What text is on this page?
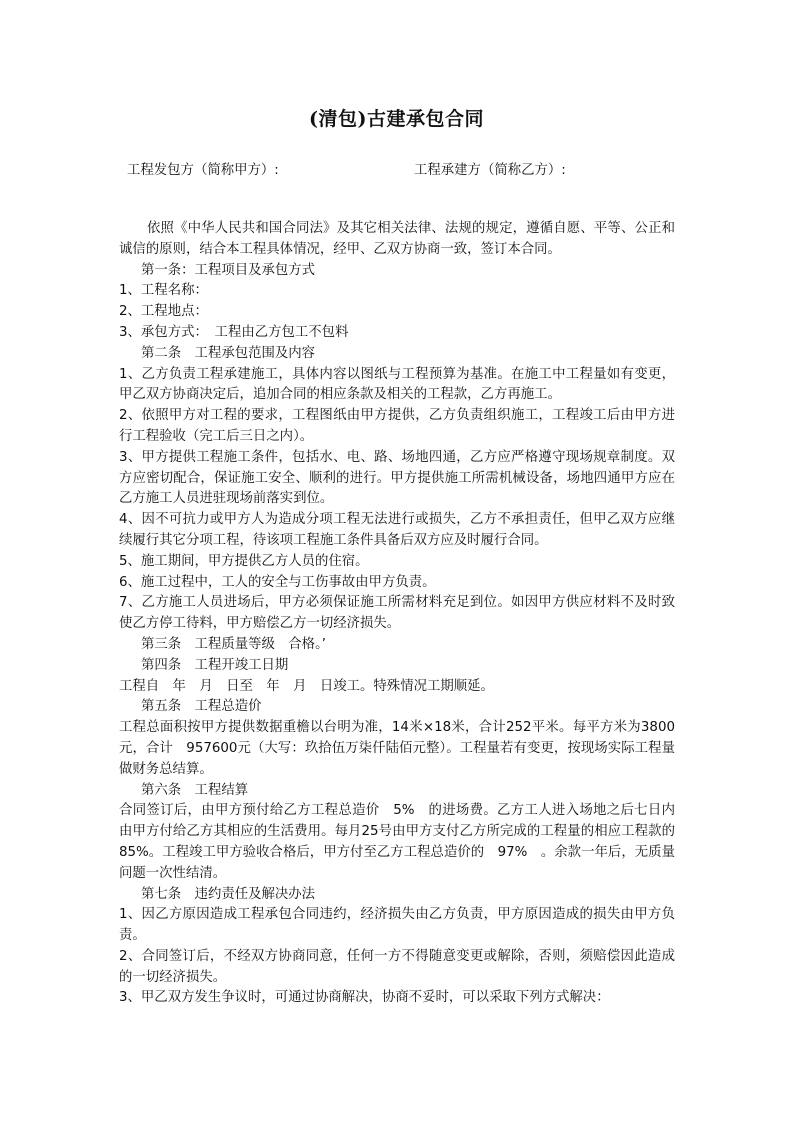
(清包)古建承包合同
工程发包方（简称甲方）:	工程承建方（简称乙方）:

依照《中华人民共和国合同法》及其它相关法律、法规的规定，遵循自愿、平等、公正和诚信的原则，结合本工程具体情况，经甲、乙双方协商一致，签订本合同。

第一条：工程项目及承包方式

1、工程名称：

2、工程地点：

3、承包方式：　工程由乙方包工不包料

第二条　工程承包范围及内容

1、乙方负责工程承建施工，具体内容以图纸与工程预算为基准。在施工中工程量如有变更，甲乙双方协商决定后，追加合同的相应条款及相关的工程款，乙方再施工。

2、依照甲方对工程的要求，工程图纸由甲方提供，乙方负责组织施工，工程竣工后由甲方进行工程验收（完工后三日之内）。

3、甲方提供工程施工条件，包括水、电、路、场地四通，乙方应严格遵守现场规章制度。双方应密切配合，保证施工安全、顺利的进行。甲方提供施工所需机械设备，场地四通甲方应在乙方施工人员进驻现场前落实到位。

4、因不可抗力或甲方人为造成分项工程无法进行或损失，乙方不承担责任，但甲乙双方应继续履行其它分项工程，待该项工程施工条件具备后双方应及时履行合同。

5、施工期间，甲方提供乙方人员的住宿。

6、施工过程中，工人的安全与工伤事故由甲方负责。

7、乙方施工人员进场后，甲方必须保证施工所需材料充足到位。如因甲方供应材料不及时致使乙方停工待料，甲方赔偿乙方一切经济损失。

第三条　工程质量等级　合格。’

第四条　工程开竣工日期

工程自　年　月　日至　年　月　日竣工。特殊情况工期顺延。

第五条　工程总造价

工程总面积按甲方提供数据重檐以台明为准，14米×18米，合计252平米。每平方米为3800元，合计　957600元（大写：玖拾伍万柒仟陆佰元整）。工程量若有变更，按现场实际工程量做财务总结算。

第六条　工程结算

合同签订后，由甲方预付给乙方工程总造价　5%　的进场费。乙方工人进入场地之后七日内由甲方付给乙方其相应的生活费用。每月25号由甲方支付乙方所完成的工程量的相应工程款的85%。工程竣工甲方验收合格后，甲方付至乙方工程总造价的　97%　。余款一年后，无质量问题一次性结清。

第七条　违约责任及解决办法

1、因乙方原因造成工程承包合同违约，经济损失由乙方负责，甲方原因造成的损失由甲方负责。

2、合同签订后，不经双方协商同意，任何一方不得随意变更或解除，否则，须赔偿因此造成的一切经济损失。

3、甲乙双方发生争议时，可通过协商解决，协商不妥时，可以采取下列方式解决：
